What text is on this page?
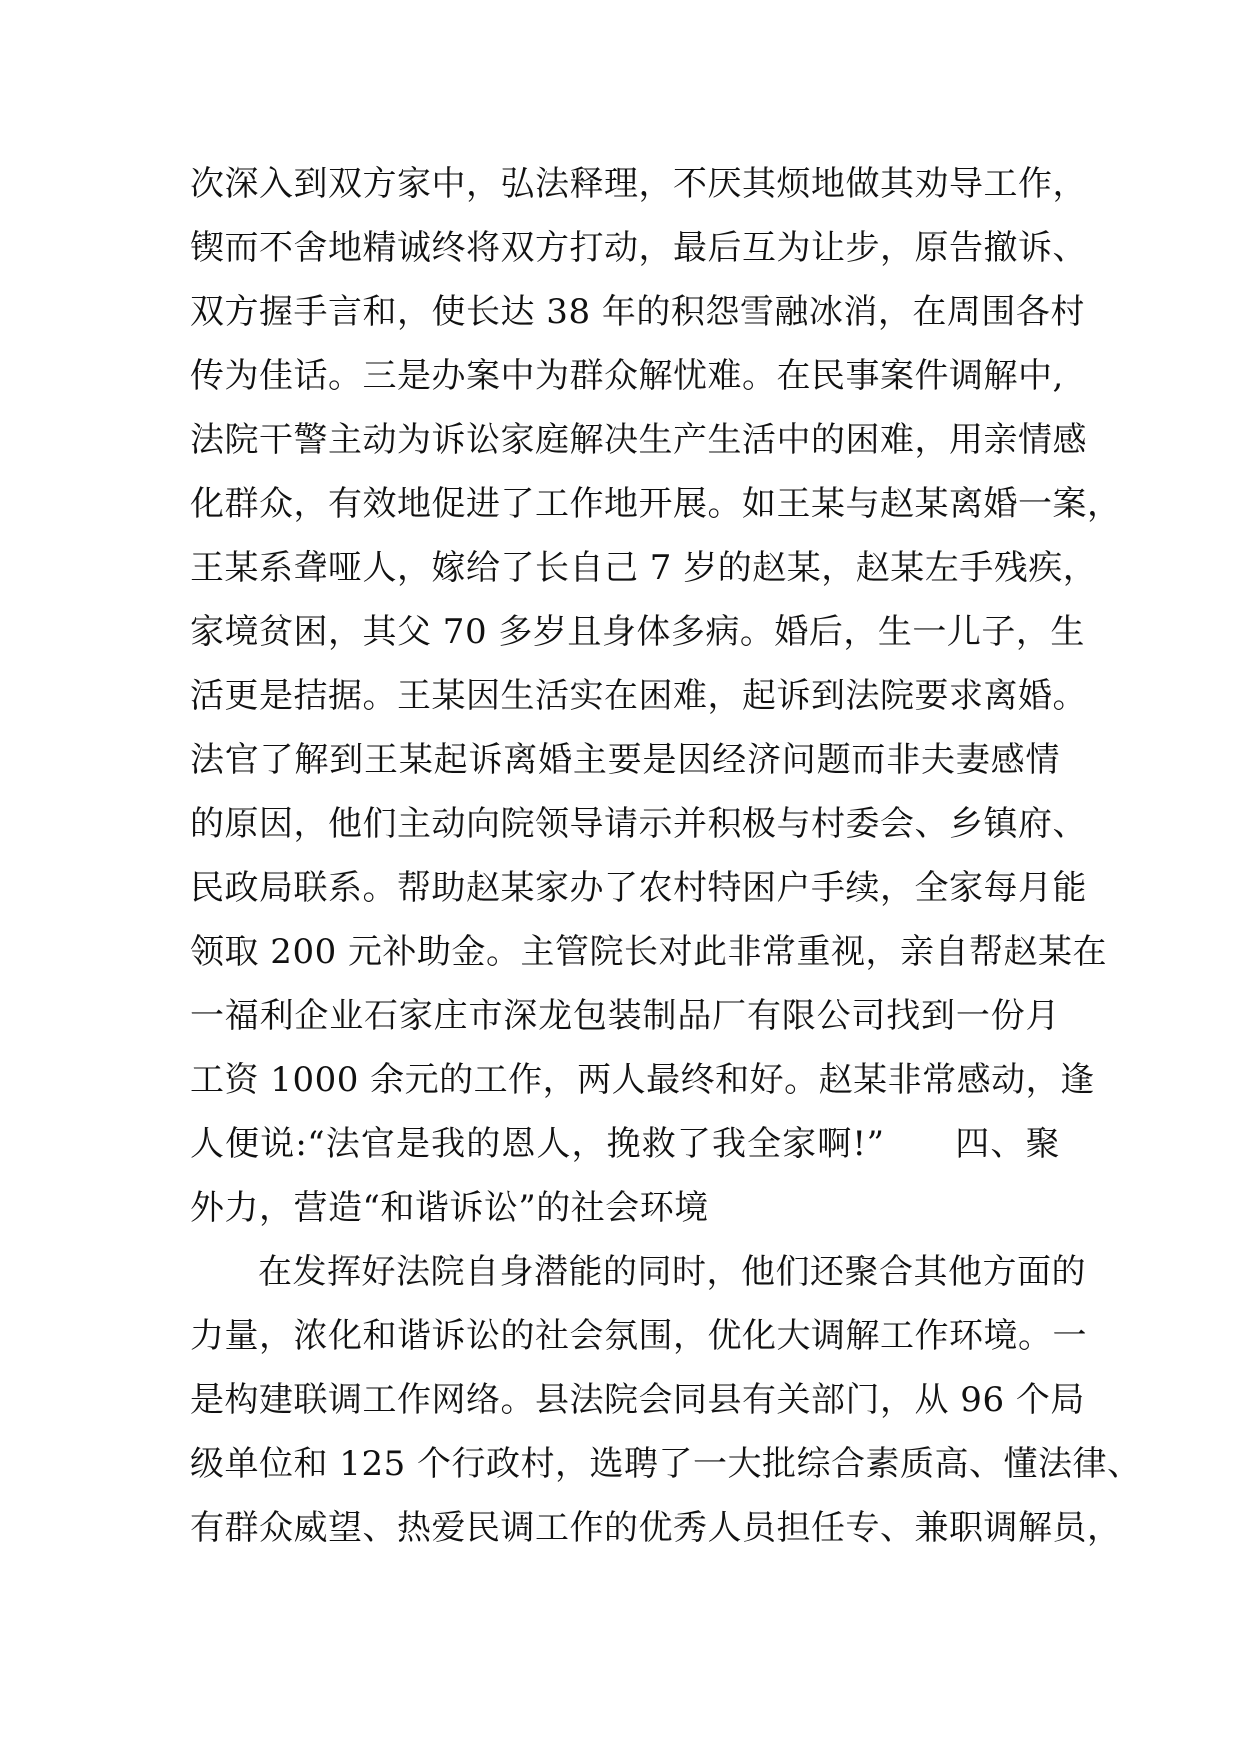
次深入到双方家中，弘法释理，不厌其烦地做其劝导工作，
锲而不舍地精诚终将双方打动，最后互为让步，原告撤诉、
双方握手言和，使长达 38 年的积怨雪融冰消，在周围各村
传为佳话。三是办案中为群众解忧难。在民事案件调解中,
法院干警主动为诉讼家庭解决生产生活中的困难，用亲情感
化群众，有效地促进了工作地开展。如王某与赵某离婚一案，
王某系聋哑人，嫁给了长自己 7 岁的赵某，赵某左手残疾，
家境贫困，其父 70 多岁且身体多病。婚后，生一儿子，生
活更是拮据。王某因生活实在困难，起诉到法院要求离婚。
法官了解到王某起诉离婚主要是因经济问题而非夫妻感情
的原因，他们主动向院领导请示并积极与村委会、乡镇府、
民政局联系。帮助赵某家办了农村特困户手续，全家每月能
领取 200 元补助金。主管院长对此非常重视，亲自帮赵某在
一福利企业石家庄市深龙包装制品厂有限公司找到一份月
工资 1000 余元的工作，两人最终和好。赵某非常感动，逢
人便说:“法官是我的恩人，挽救了我全家啊!”　　四、聚
外力，营造“和谐诉讼”的社会环境
在发挥好法院自身潜能的同时，他们还聚合其他方面的
力量，浓化和谐诉讼的社会氛围，优化大调解工作环境。一
是构建联调工作网络。县法院会同县有关部门，从 96 个局
级单位和 125 个行政村，选聘了一大批综合素质高、懂法律、
有群众威望、热爱民调工作的优秀人员担任专、兼职调解员，
